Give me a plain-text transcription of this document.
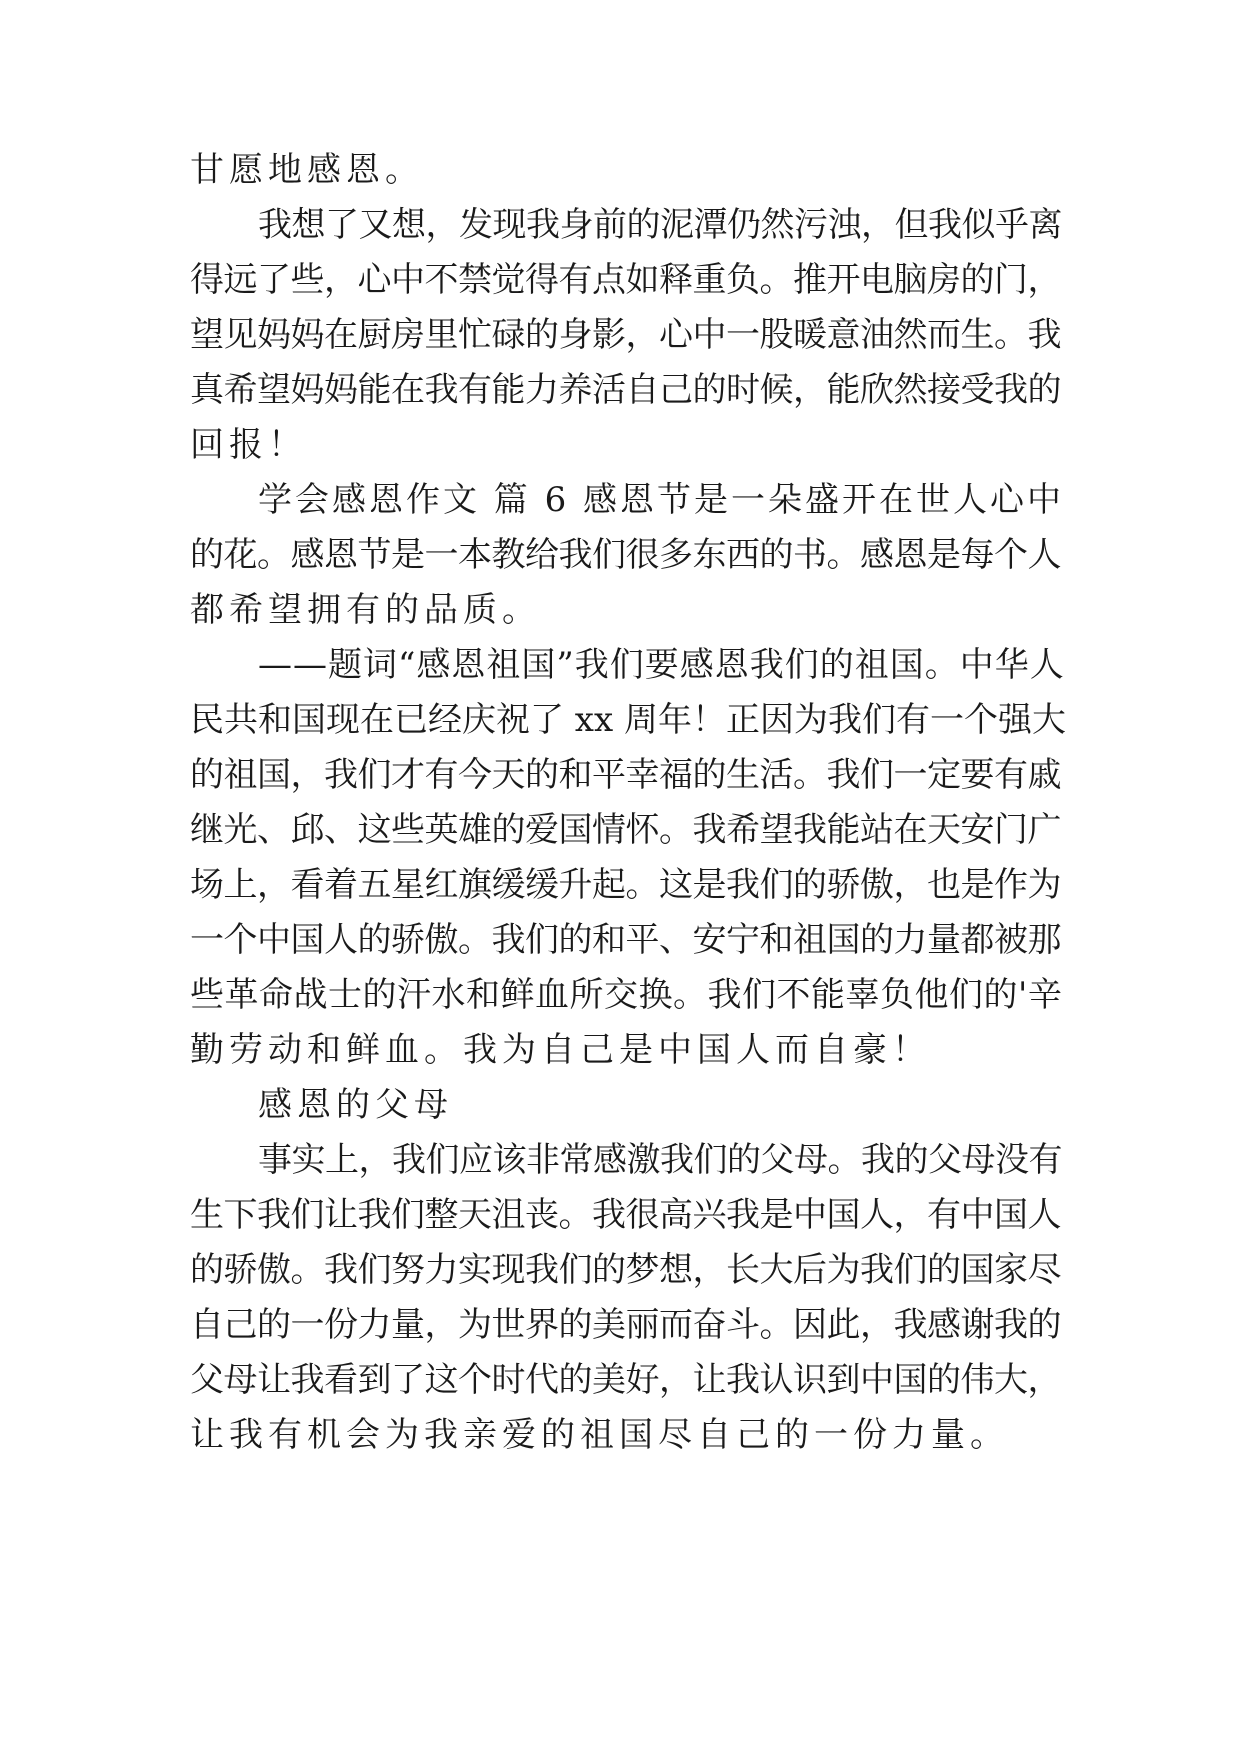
甘愿地感恩。
我想了又想，发现我身前的泥潭仍然污浊，但我似乎离
得远了些，心中不禁觉得有点如释重负。推开电脑房的门，
望见妈妈在厨房里忙碌的身影，心中一股暖意油然而生。我
真希望妈妈能在我有能力养活自己的时候，能欣然接受我的
回报！
学会感恩作文 篇 6 感恩节是一朵盛开在世人心中
的花。感恩节是一本教给我们很多东西的书。感恩是每个人
都希望拥有的品质。
——题词“感恩祖国”我们要感恩我们的祖国。中华人
民共和国现在已经庆祝了 xx 周年！正因为我们有一个强大
的祖国，我们才有今天的和平幸福的生活。我们一定要有戚
继光、邱、这些英雄的爱国情怀。我希望我能站在天安门广
场上，看着五星红旗缓缓升起。这是我们的骄傲，也是作为
一个中国人的骄傲。我们的和平、安宁和祖国的力量都被那
些革命战士的汗水和鲜血所交换。我们不能辜负他们的'辛
勤劳动和鲜血。我为自己是中国人而自豪！
感恩的父母
事实上，我们应该非常感激我们的父母。我的父母没有
生下我们让我们整天沮丧。我很高兴我是中国人，有中国人
的骄傲。我们努力实现我们的梦想，长大后为我们的国家尽
自己的一份力量，为世界的美丽而奋斗。因此，我感谢我的
父母让我看到了这个时代的美好，让我认识到中国的伟大，
让我有机会为我亲爱的祖国尽自己的一份力量。
